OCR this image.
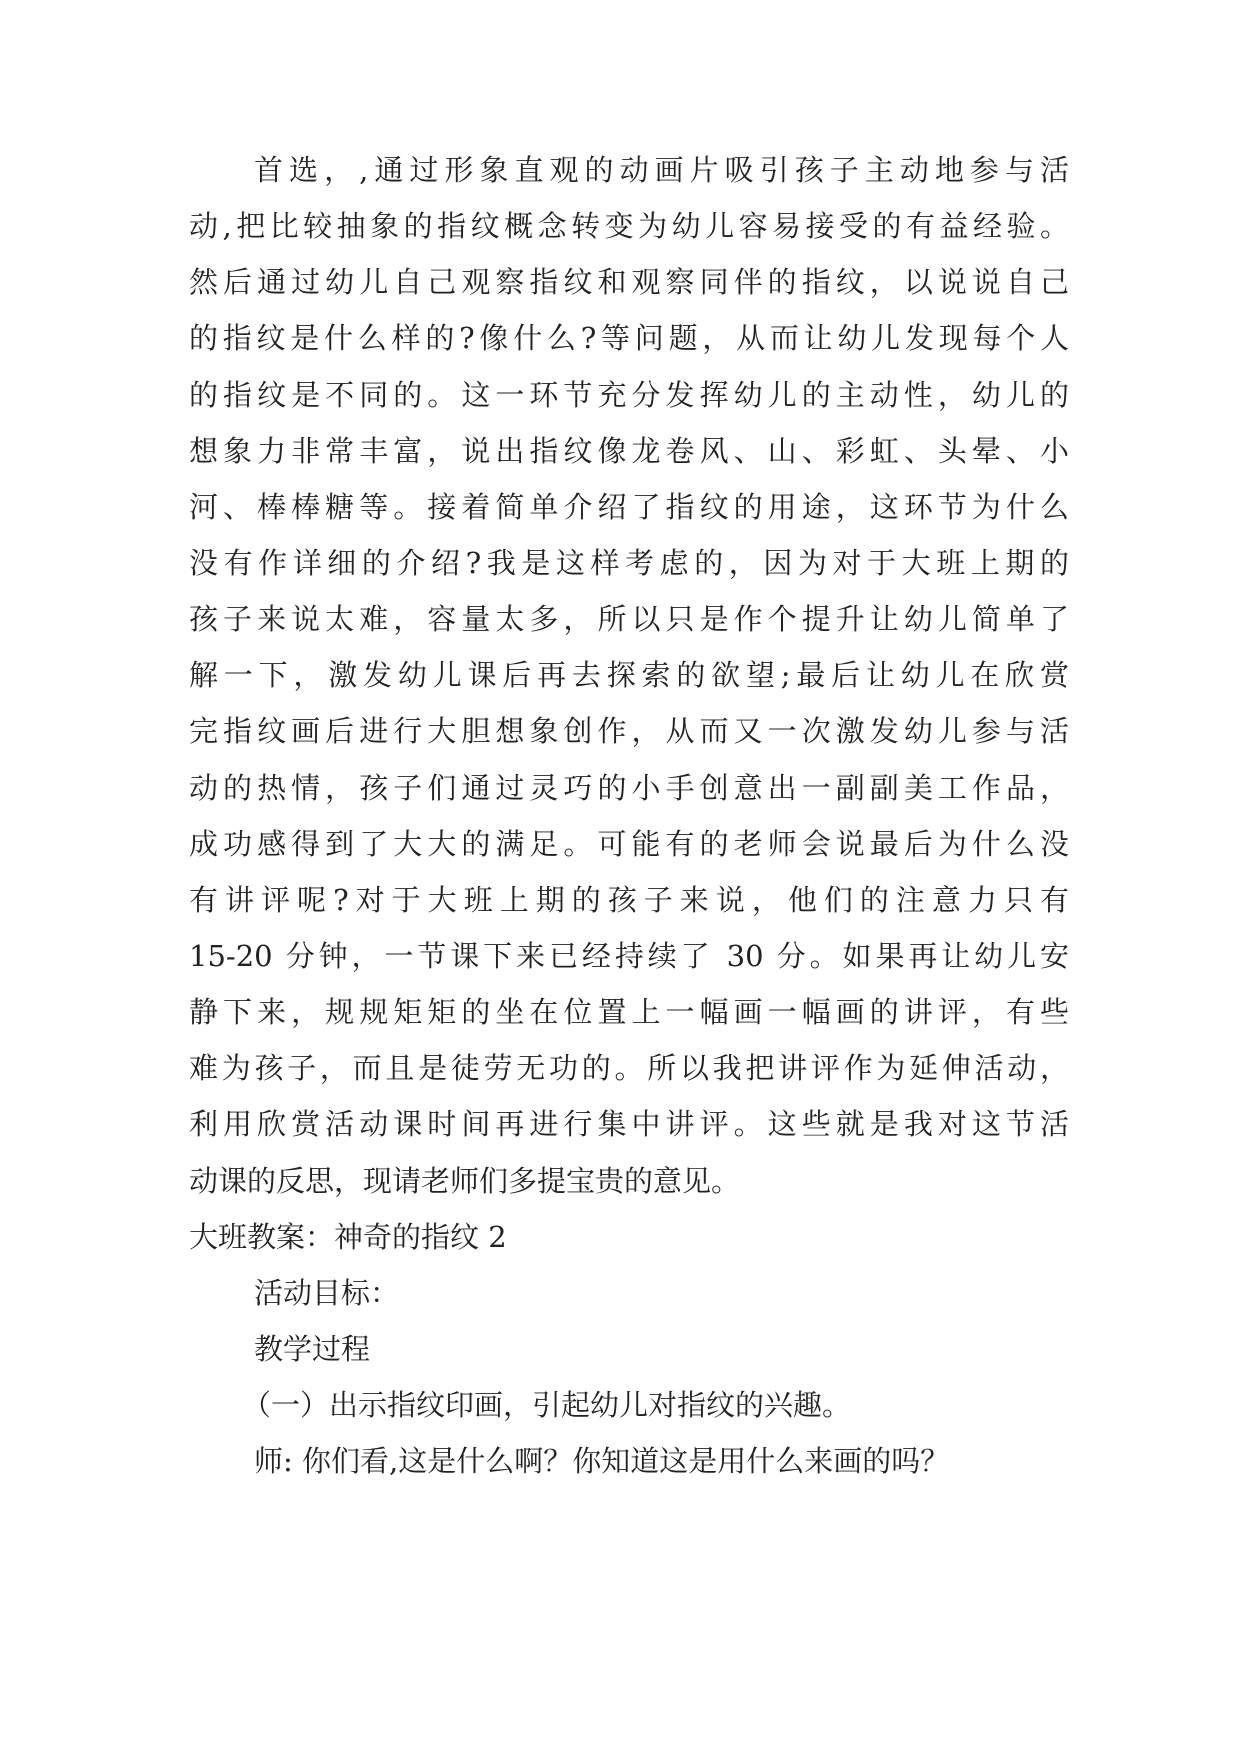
首选，,通过形象直观的动画片吸引孩子主动地参与活
动,把比较抽象的指纹概念转变为幼儿容易接受的有益经验。
然后通过幼儿自己观察指纹和观察同伴的指纹，以说说自己
的指纹是什么样的?像什么?等问题，从而让幼儿发现每个人
的指纹是不同的。这一环节充分发挥幼儿的主动性，幼儿的
想象力非常丰富，说出指纹像龙卷风、山、彩虹、头晕、小
河、棒棒糖等。接着简单介绍了指纹的用途，这环节为什么
没有作详细的介绍?我是这样考虑的，因为对于大班上期的
孩子来说太难，容量太多，所以只是作个提升让幼儿简单了
解一下，激发幼儿课后再去探索的欲望;最后让幼儿在欣赏
完指纹画后进行大胆想象创作，从而又一次激发幼儿参与活
动的热情，孩子们通过灵巧的小手创意出一副副美工作品，
成功感得到了大大的满足。可能有的老师会说最后为什么没
有讲评呢?对于大班上期的孩子来说，他们的注意力只有
15-20 分钟，一节课下来已经持续了 30 分。如果再让幼儿安
静下来，规规矩矩的坐在位置上一幅画一幅画的讲评，有些
难为孩子，而且是徒劳无功的。所以我把讲评作为延伸活动，
利用欣赏活动课时间再进行集中讲评。这些就是我对这节活
动课的反思，现请老师们多提宝贵的意见。
大班教案：神奇的指纹 2
活动目标：
教学过程
（一）出示指纹印画，引起幼儿对指纹的兴趣。
师: 你们看,这是什么啊？你知道这是用什么来画的吗？
